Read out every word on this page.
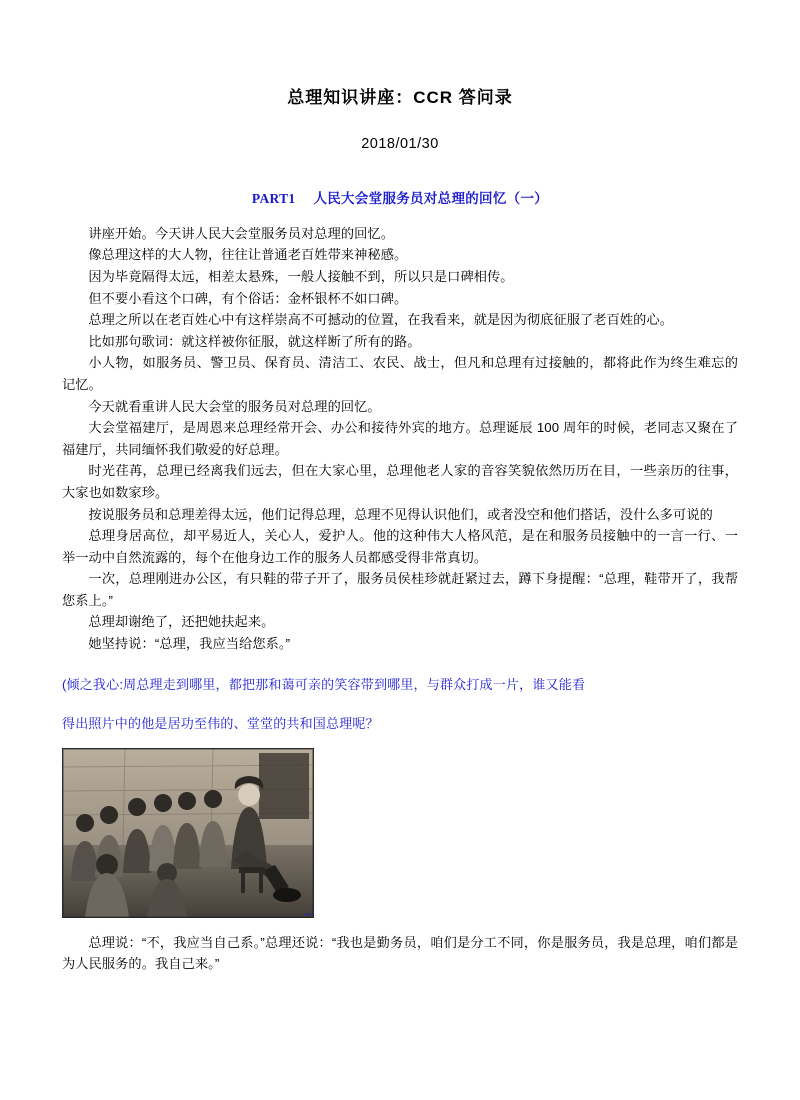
总理知识讲座：CCR 答问录
2018/01/30
PART1 人民大会堂服务员对总理的回忆（一）

讲座开始。今天讲人民大会堂服务员对总理的回忆。

像总理这样的大人物，往往让普通老百姓带来神秘感。

因为毕竟隔得太远，相差太悬殊，一般人接触不到，所以只是口碑相传。

但不要小看这个口碑，有个俗话：金杯银杯不如口碑。

总理之所以在老百姓心中有这样崇高不可撼动的位置，在我看来，就是因为彻底征服了老百姓的心。

比如那句歌词：就这样被你征服，就这样断了所有的路。

小人物，如服务员、警卫员、保育员、清洁工、农民、战士，但凡和总理有过接触的，都将此作为终生难忘的记忆。

今天就看重讲人民大会堂的服务员对总理的回忆。

大会堂福建厅，是周恩来总理经常开会、办公和接待外宾的地方。总理诞辰 100 周年的时候，老同志又聚在了福建厅，共同缅怀我们敬爱的好总理。

时光荏苒，总理已经离我们远去，但在大家心里，总理他老人家的音容笑貌依然历历在目，一些亲历的往事，大家也如数家珍。

按说服务员和总理差得太远，他们记得总理，总理不见得认识他们，或者没空和他们搭话，没什么多可说的

总理身居高位，却平易近人，关心人，爱护人。他的这种伟大人格风范，是在和服务员接触中的一言一行、一举一动中自然流露的，每个在他身边工作的服务人员都感受得非常真切。

一次，总理刚进办公区，有只鞋的带子开了，服务员侯桂珍就赶紧过去，蹲下身提醒：“总理，鞋带开了，我帮您系上。”

总理却谢绝了，还把她扶起来。

她坚持说：“总理，我应当给您系。”

(倾之我心:周总理走到哪里，都把那和蔼可亲的笑容带到哪里，与群众打成一片，谁又能看
得出照片中的他是居功至伟的、堂堂的共和国总理呢？
⌐

总理说：“不，我应当自己系。”总理还说：“我也是勤务员，咱们是分工不同，你是服务员，我是总理，咱们都是为人民服务的。我自己来。”
